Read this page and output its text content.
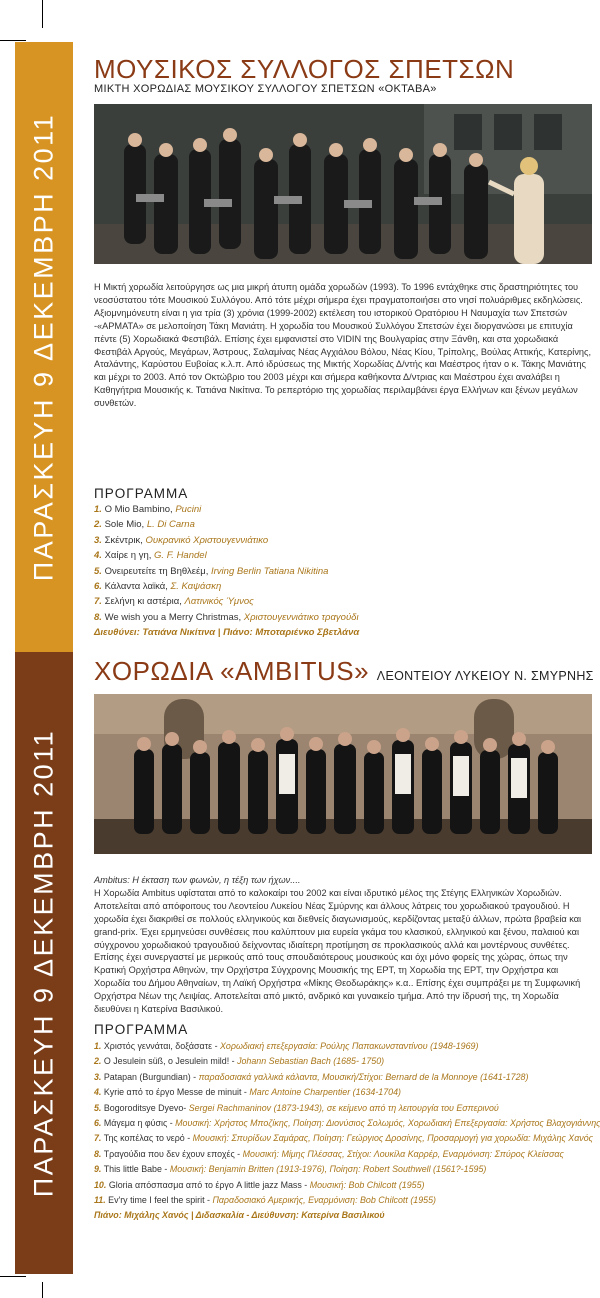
ΠΑΡΑΣΚΕΥΗ 9 ΔΕΚΕΜΒΡΗ 2011
ΠΑΡΑΣΚΕΥΗ 9 ΔΕΚΕΜΒΡΗ 2011
ΜΟΥΣΙΚΟΣ ΣΥΛΛΟΓΟΣ ΣΠΕΤΣΩΝ
ΜΙΚΤΗ ΧΟΡΩΔΙΑΣ ΜΟΥΣΙΚΟΥ ΣΥΛΛΟΓΟΥ ΣΠΕΤΣΩΝ «ΟΚΤΑΒΑ»
Η Μικτή χορωδία λειτούργησε ως μια μικρή άτυπη ομάδα χορωδών (1993). Το 1996 εντάχθηκε στις δραστηριότητες του νεοσύστατου τότε Μουσικού Συλλόγου. Από τότε μέχρι σήμερα έχει πραγματοποιήσει στο νησί πολυάριθμες εκδηλώσεις. Αξιομνημόνευτη είναι η για τρία (3) χρόνια (1999-2002) εκτέλεση του ιστορικού Ορατόριου Η Ναυμαχία των Σπετσών -«ΑΡΜΑΤΑ» σε μελοποίηση Τάκη Μανιάτη. Η χορωδία του Μουσικού Συλλόγου Σπετσών έχει διοργανώσει με επιτυχία πέντε (5) Χορωδιακά Φεστιβάλ. Επίσης έχει εμφανιστεί στο VIDIN της Βουλγαρίας στην Ξάνθη, και στα χορωδιακά Φεστιβάλ Αργούς, Μεγάρων, Άστρους, Σαλαμίνας Νέας Αγχιάλου Βόλου, Νέας Κίου, Τρίπολης, Βούλας Αττικής, Κατερίνης, Αταλάντης, Καρύστου Ευβοίας κ.λ.π. Από ιδρύσεως της Μικτής Χορωδίας Δ/ντής και Μαέστρος ήταν ο κ. Τάκης Μανιάτης και μέχρι το 2003. Από τον Οκτώβριο του 2003 μέχρι και σήμερα καθήκοντα Δ/ντριας και Μαέστρου έχει αναλάβει η Καθηγήτρια Μουσικής κ. Τατιάνα Νικίτινα. Το ρεπερτόριο της χορωδίας περιλαμβάνει έργα Ελλήνων και ξένων μεγάλων συνθετών.
ΠΡΟΓΡΑΜΜΑ
1. O Mio Bambino, Pucini
2. Sole Mio, L. Di Carna
3. Σκέντρικ, Ουκρανικό Χριστουγεννιάτικο
4. Χαίρε η γη, G. F. Handel
5. Ονειρευτείτε τη Βηθλεέμ, Irving Berlin Tatiana Nikitina
6. Κάλαντα λαϊκά, Σ. Καψάσκη
7. Σελήνη κι αστέρια, Λατινικός Ύμνος
8. We wish you a Merry Christmas, Χριστουγεννιάτικο τραγούδι
Διευθύνει: Τατιάνα Νικίτινα | Πιάνο: Μποταριένκο Σβετλάνα
ΧΟΡΩΔΙΑ «AMBITUS» ΛΕΟΝΤΕΙΟΥ ΛΥΚΕΙΟΥ Ν. ΣΜΥΡΝΗΣ
Ambitus: Η έκταση των φωνών, η τέξη των ήχων....
Η Χορωδία Ambitus υφίσταται από το καλοκαίρι του 2002 και είναι ιδρυτικό μέλος της Στέγης Ελληνικών Χορωδιών. Αποτελείται από απόφοιτους του Λεοντείου Λυκείου Νέας Σμύρνης και άλλους λάτρεις του χορωδιακού τραγουδιού. Η χορωδία έχει διακριθεί σε πολλούς ελληνικούς και διεθνείς διαγωνισμούς, κερδίζοντας μεταξύ άλλων, πρώτα βραβεία και grand-prix. Έχει ερμηνεύσει συνθέσεις που καλύπτουν μια ευρεία γκάμα του κλασικού, ελληνικού και ξένου, παλαιού και σύγχρονου χορωδιακού τραγουδιού δείχνοντας ιδιαίτερη προτίμηση σε προκλασικούς αλλά και μοντέρνους συνθέτες. Επίσης έχει συνεργαστεί με μερικούς από τους σπουδαιότερους μουσικούς και όχι μόνο φορείς της χώρας, όπως την Κρατική Ορχήστρα Αθηνών, την Ορχήστρα Σύγχρονης Μουσικής της ΕΡΤ, τη Χορωδία της ΕΡΤ, την Ορχήστρα και Χορωδία του Δήμου Αθηναίων, τη Λαϊκή Ορχήστρα «Μίκης Θεοδωράκης» κ.α.. Επίσης έχει συμπράξει με τη Συμφωνική Ορχήστρα Νέων της Λειψίας. Αποτελείται από μικτό, ανδρικό και γυναικείο τμήμα. Από την ίδρυσή της, τη Χορωδία διευθύνει η Κατερίνα Βασιλικού.
ΠΡΟΓΡΑΜΜΑ
1. Χριστός γεννάται, δοξάσατε - Χορωδιακή επεξεργασία: Ρούλης Παπακωνσταντίνου (1948-1969)
2. O Jesulein süß, o Jesulein mild! - Johann Sebastian Bach (1685- 1750)
3. Patapan (Burgundian) - παραδοσιακά γαλλικά κάλαντα, Μουσική/Στίχοι: Bernard de la Monnoye (1641-1728)
4. Kyrie από το έργο Messe de minuit - Marc Antoine Charpentier (1634-1704)
5. Bogoroditsye Dyevo- Sergei Rachmaninov (1873-1943), σε κείμενο από τη λειτουργία του Εσπερινού
6. Μάγεμα η φύσις - Μουσική: Χρήστος Μποζίκης, Ποίηση: Διονύσιος Σολωμός, Χορωδιακή Επεξεργασία: Χρήστος Βλαχογιάννης
7. Της κοπέλας το νερό - Μουσική: Σπυρίδων Σαμάρας, Ποίηση: Γεώργιος Δροσίνης, Προσαρμογή για χορωδία: Μιχάλης Χανός
8. Τραγούδια που δεν έχουν εποχές - Μουσική: Μίμης Πλέσσας, Στίχοι: Λουκίλα Καρρέρ, Εναρμόνιση: Σπύρος Κλείσσας
9. This little Babe - Μουσική: Benjamin Britten (1913-1976), Ποίηση: Robert Southwell (1561?-1595)
10. Gloria απόσπασμα από το έργο A little jazz Mass - Μουσική: Bob Chilcott (1955)
11. Ev'ry time I feel the spirit - Παραδοσιακό Αμερικής, Εναρμόνιση: Bob Chilcott (1955)
Πιάνο: Μιχάλης Χανός | Διδασκαλία - Διεύθυνση: Κατερίνα Βασιλικού
